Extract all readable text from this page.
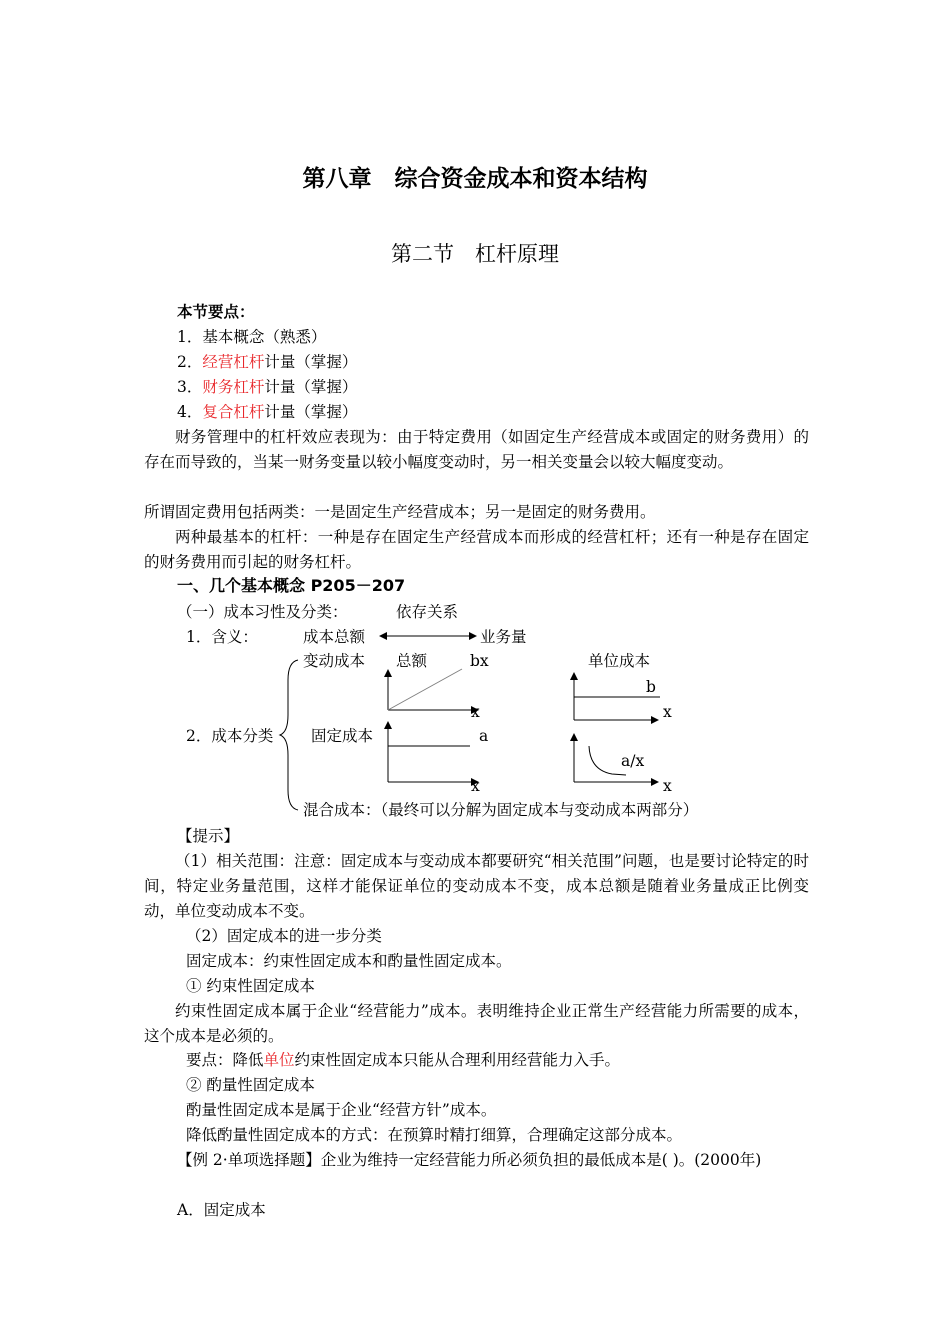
第八章　综合资金成本和资本结构
第二节　杠杆原理
本节要点：
1．基本概念（熟悉）
2．经营杠杆计量（掌握）
3．财务杠杆计量（掌握）
4．复合杠杆计量（掌握）

财务管理中的杠杆效应表现为：由于特定费用（如固定生产经营成本或固定的财务费用）的存在而导致的，当某一财务变量以较小幅度变动时，另一相关变量会以较大幅度变动。

所谓固定费用包括两类：一是固定生产经营成本；另一是固定的财务费用。

两种最基本的杠杆：一种是存在固定生产经营成本而形成的经营杠杆；还有一种是存在固定的财务费用而引起的财务杠杆。

一、几个基本概念 P205－207
（一）成本习性及分类：	依存关系
1．含义：	成本总额	业务量
变动成本 总额	bx	单位成本
b
x	x
2．成本分类 固定成本	a
a/x
x	x
混合成本：（最终可以分解为固定成本与变动成本两部分）
【提示】

（1）相关范围：注意：固定成本与变动成本都要研究“相关范围”问题，也是要讨论特定的时间，特定业务量范围，这样才能保证单位的变动成本不变，成本总额是随着业务量成正比例变动，单位变动成本不变。

（2）固定成本的进一步分类
固定成本：约束性固定成本和酌量性固定成本。
① 约束性固定成本

约束性固定成本属于企业“经营能力”成本。表明维持企业正常生产经营能力所需要的成本，这个成本是必须的。

要点：降低单位约束性固定成本只能从合理利用经营能力入手。
② 酌量性固定成本
酌量性固定成本是属于企业“经营方针”成本。
降低酌量性固定成本的方式：在预算时精打细算，合理确定这部分成本。

【例 2·单项选择题】企业为维持一定经营能力所必须负担的最低成本是( )。(2000年)

A．固定成本
